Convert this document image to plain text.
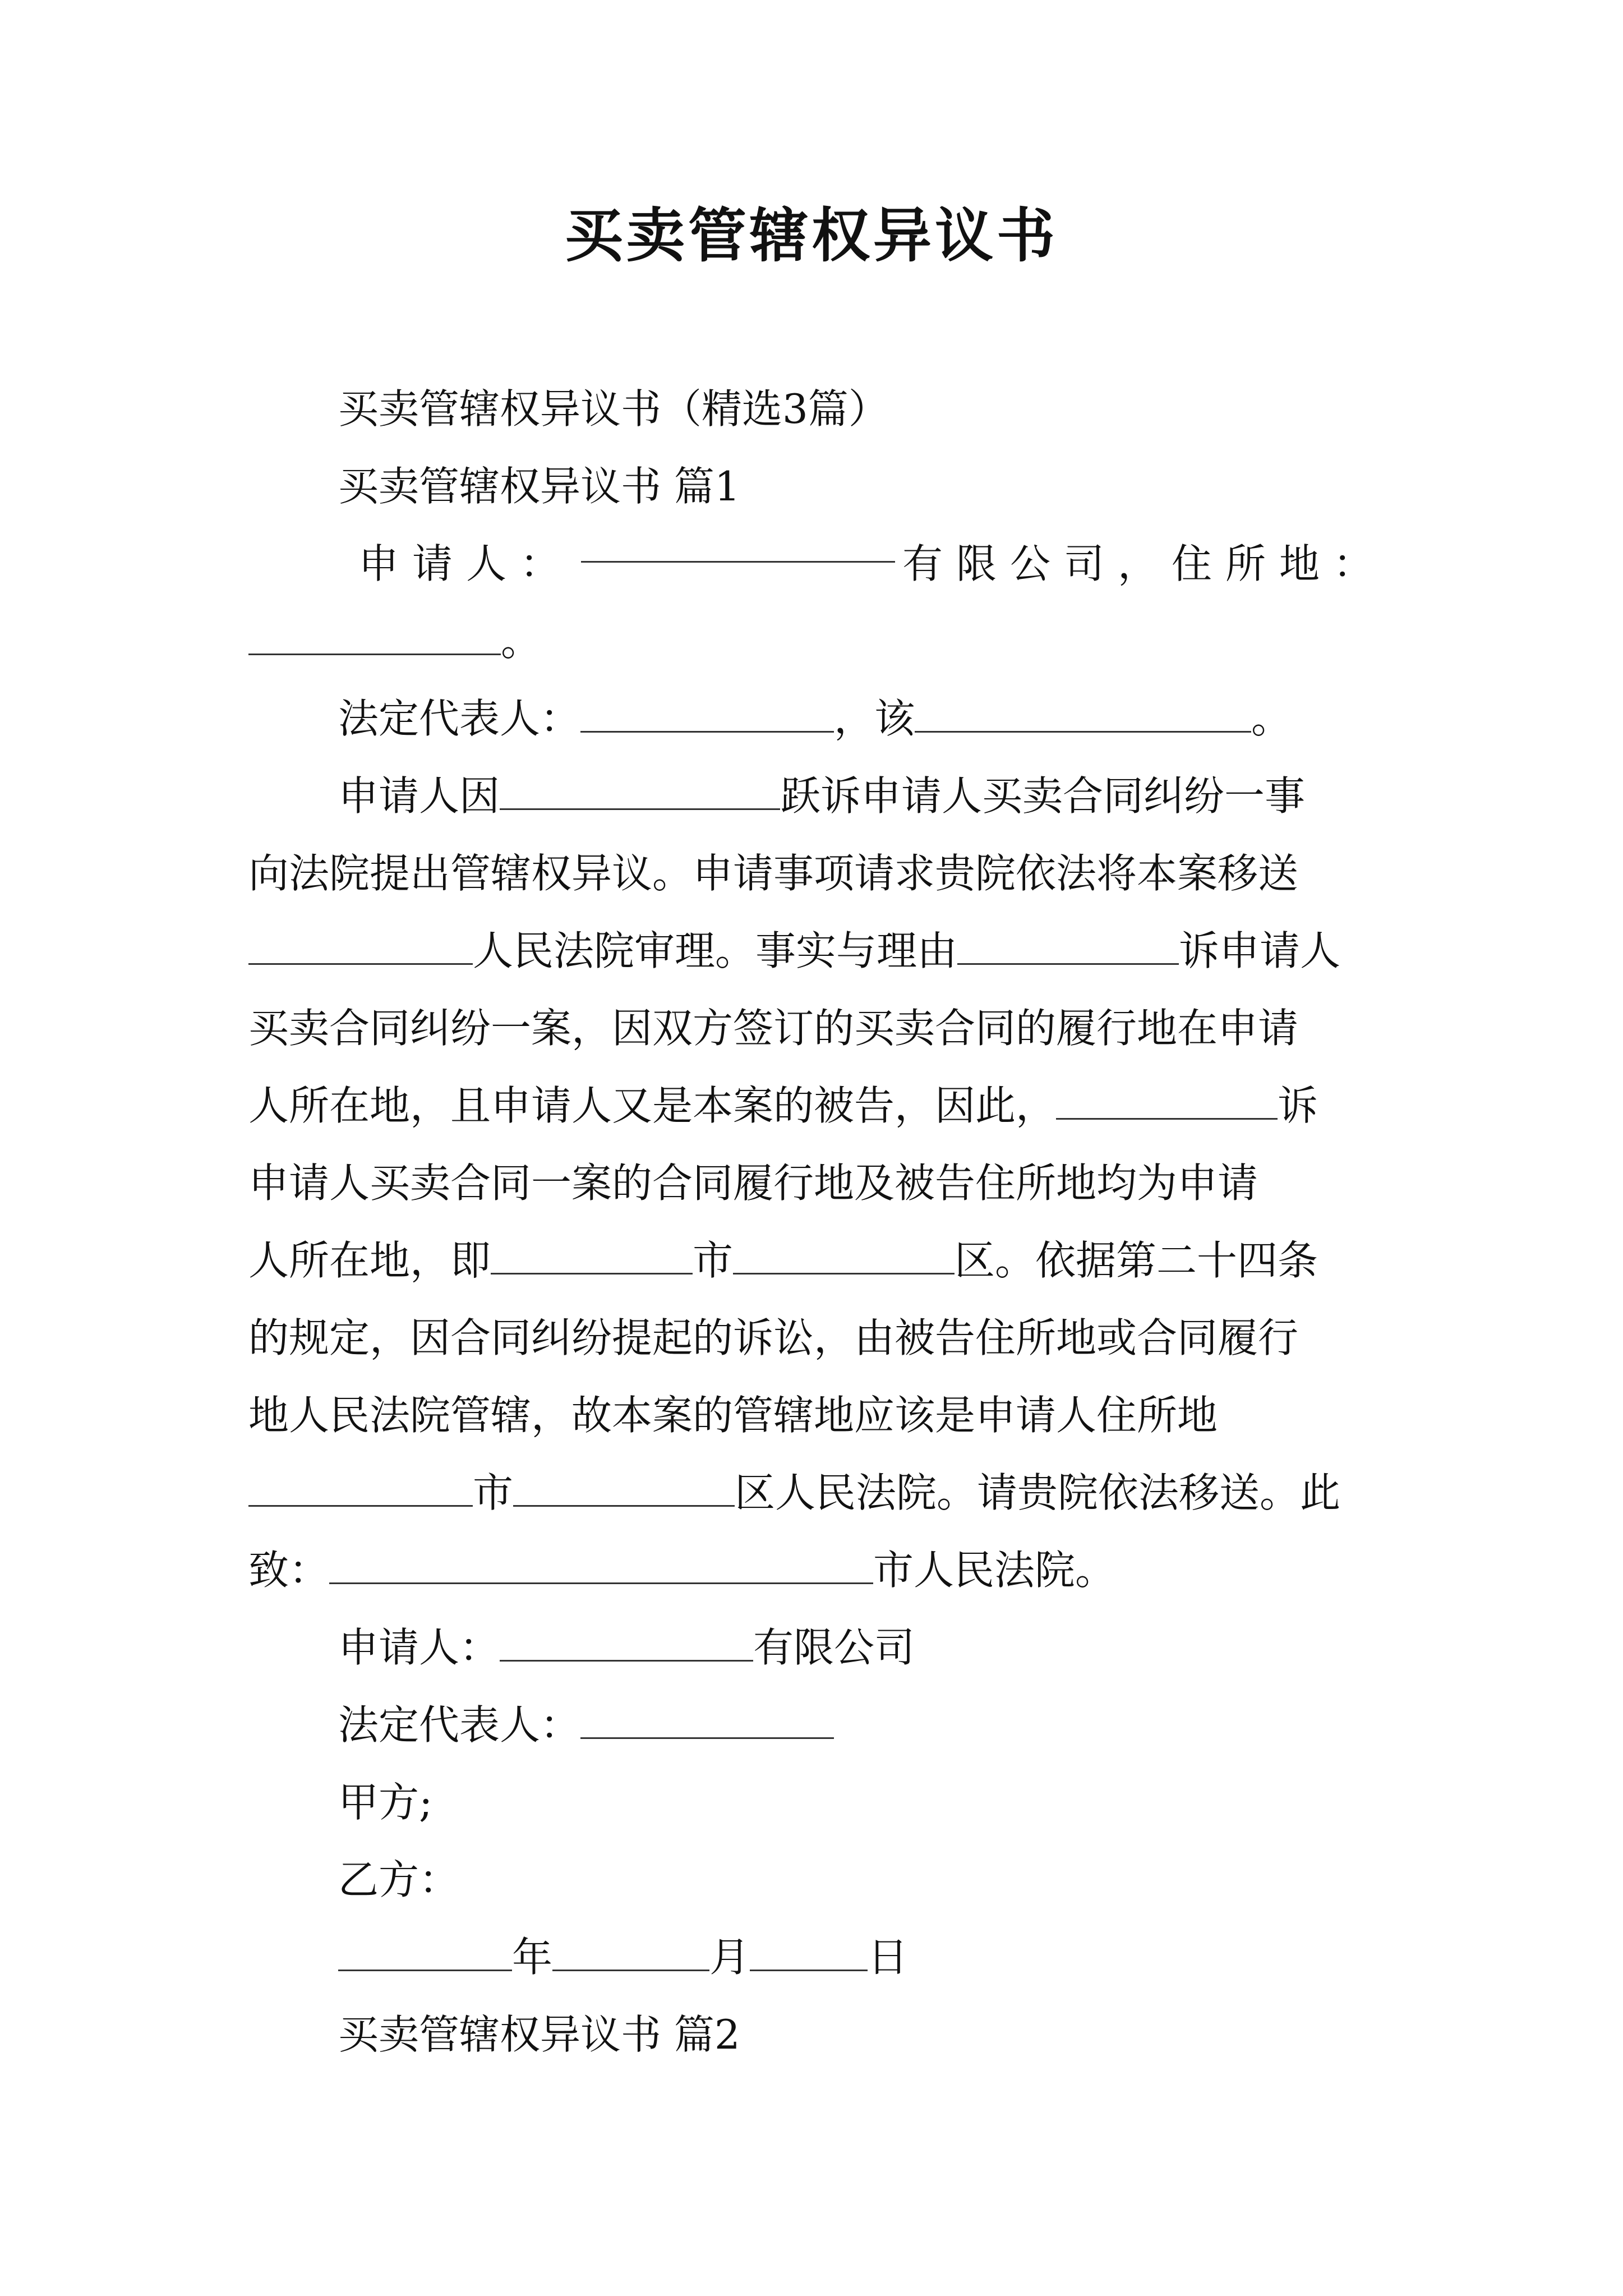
买卖管辖权异议书
买卖管辖权异议书（精选3篇）
买卖管辖权异议书 篇1
申请人：	有限公司，住所地：
。
法定代表人：	，该	。
申请人因	跃诉申请人买卖合同纠纷一事
向法院提出管辖权异议。申请事项请求贵院依法将本案移送
人民法院审理。事实与理由	诉申请人
买卖合同纠纷一案，因双方签订的买卖合同的履行地在申请
人所在地，且申请人又是本案的被告，因此，	诉
申请人买卖合同一案的合同履行地及被告住所地均为申请
人所在地，即	市	区。依据第二十四条
的规定，因合同纠纷提起的诉讼，由被告住所地或合同履行
地人民法院管辖，故本案的管辖地应该是申请人住所地
市	区人民法院。请贵院依法移送。此
致：	市人民法院。
申请人：	有限公司
法定代表人：
甲方;
乙方：
年	月	日
买卖管辖权异议书 篇2
